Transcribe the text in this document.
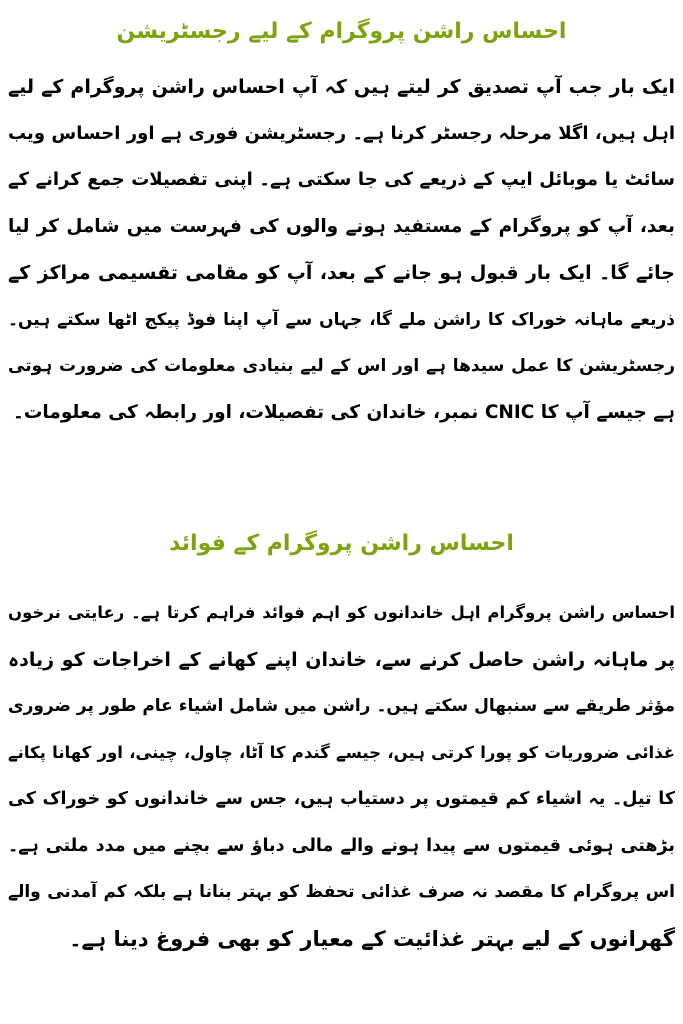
احساس راشن پروگرام کے لیے رجسٹریشن
ایک بار جب آپ تصدیق کر لیتے ہیں کہ آپ احساس راشن پروگرام کے لیے
اہل ہیں، اگلا مرحلہ رجسٹر کرنا ہے۔ رجسٹریشن فوری ہے اور احساس ویب
سائٹ یا موبائل ایپ کے ذریعے کی جا سکتی ہے۔ اپنی تفصیلات جمع کرانے کے
بعد، آپ کو پروگرام کے مستفید ہونے والوں کی فہرست میں شامل کر لیا
جائے گا۔ ایک بار قبول ہو جانے کے بعد، آپ کو مقامی تقسیمی مراکز کے
ذریعے ماہانہ خوراک کا راشن ملے گا، جہاں سے آپ اپنا فوڈ پیکج اٹھا سکتے ہیں۔
رجسٹریشن کا عمل سیدھا ہے اور اس کے لیے بنیادی معلومات کی ضرورت ہوتی
ہے جیسے آپ کا CNIC نمبر، خاندان کی تفصیلات، اور رابطہ کی معلومات۔
احساس راشن پروگرام کے فوائد
احساس راشن پروگرام اہل خاندانوں کو اہم فوائد فراہم کرتا ہے۔ رعایتی نرخوں
پر ماہانہ راشن حاصل کرنے سے، خاندان اپنے کھانے کے اخراجات کو زیادہ
مؤثر طریقے سے سنبھال سکتے ہیں۔ راشن میں شامل اشیاء عام طور پر ضروری
غذائی ضروریات کو پورا کرتی ہیں، جیسے گندم کا آٹا، چاول، چینی، اور کھانا پکانے
کا تیل۔ یہ اشیاء کم قیمتوں پر دستیاب ہیں، جس سے خاندانوں کو خوراک کی
بڑھتی ہوئی قیمتوں سے پیدا ہونے والے مالی دباؤ سے بچنے میں مدد ملتی ہے۔
اس پروگرام کا مقصد نہ صرف غذائی تحفظ کو بہتر بنانا ہے بلکہ کم آمدنی والے
گھرانوں کے لیے بہتر غذائیت کے معیار کو بھی فروغ دینا ہے۔
